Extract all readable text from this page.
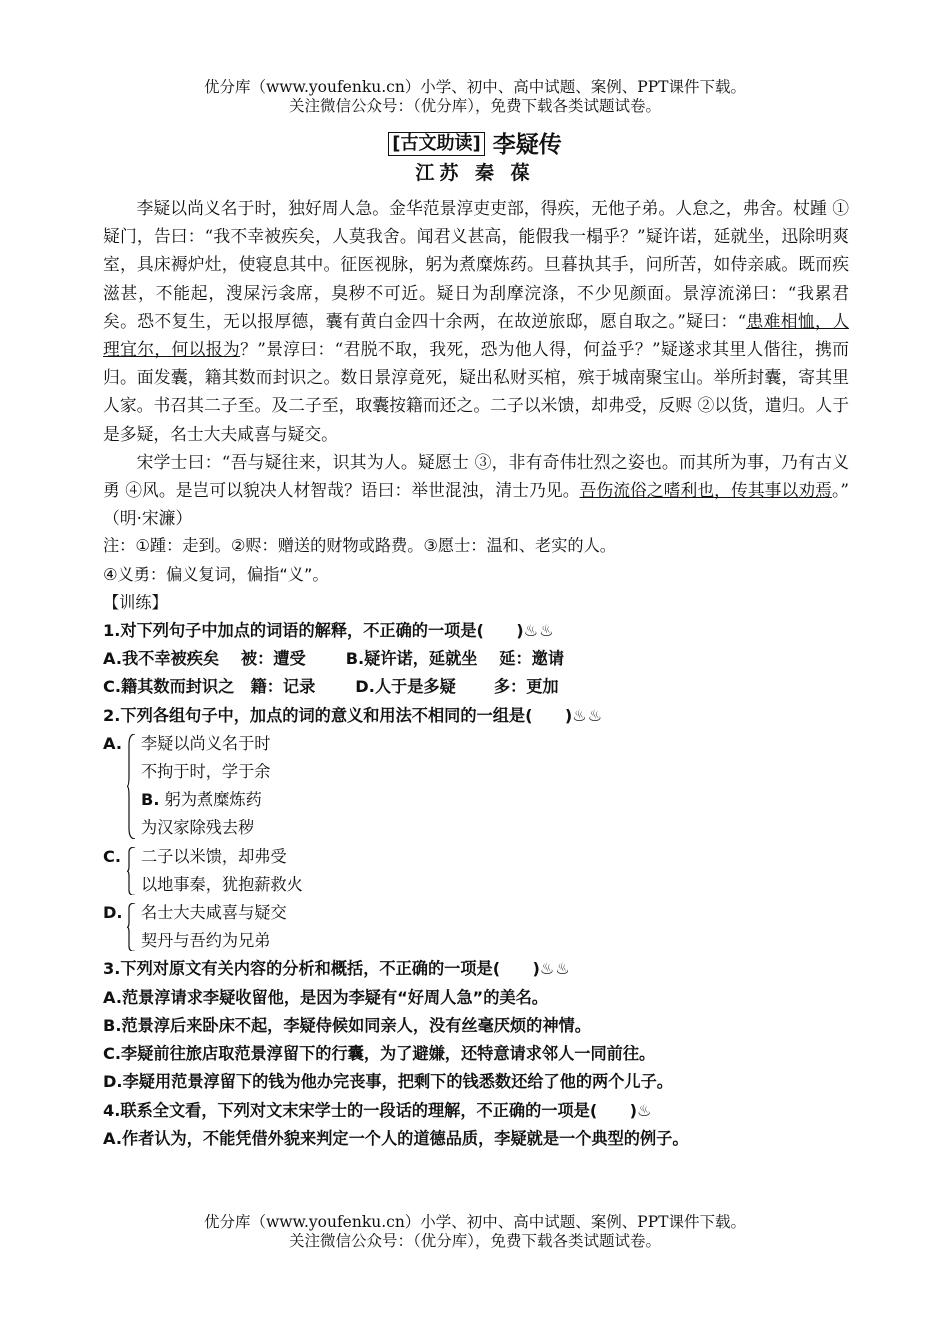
优分库（www.youfenku.cn）小学、初中、高中试题、案例、PPT课件下载。
关注微信公众号：（优分库），免费下载各类试题试卷。
[古文助读] 李疑传
江苏 秦 葆

李疑以尚义名于时，独好周人急。金华范景淳吏吏部，得疾，无他子弟。人怠之，弗舍。杖踵 ①疑门，告曰：“我不幸被疾矣，人莫我舍。闻君义甚高，能假我一榻乎？”疑许诺，延就坐，迅除明爽室，具床褥炉灶，使寝息其中。征医视脉，躬为煮糜炼药。旦暮执其手，问所苦，如侍亲戚。既而疾滋甚，不能起，溲屎污衾席，臭秽不可近。疑日为刮摩浣涤，不少见颜面。景淳流涕曰：“我累君矣。恐不复生，无以报厚德，囊有黄白金四十余两，在故逆旅邸，愿自取之。”疑曰：“患难相恤，人理宜尔，何以报为？”景淳曰：“君脱不取，我死，恐为他人得，何益乎？”疑遂求其里人偕往，携而归。面发囊，籍其数而封识之。数日景淳竟死，疑出私财买棺，殡于城南聚宝山。举所封囊，寄其里人家。书召其二子至。及二子至，取囊按籍而还之。二子以米馈，却弗受，反赆 ②以货，遣归。人于是多疑，名士大夫咸喜与疑交。

宋学士曰：“吾与疑往来，识其为人。疑愿士 ③，非有奇伟壮烈之姿也。而其所为事，乃有古义勇 ④风。是岂可以貌决人材智哉？语曰：举世混浊，清士乃见。吾伤流俗之嗜利也，传其事以劝焉。”　（明·宋濂）

注：①踵：走到。②赆：赠送的财物或路费。③愿士：温和、老实的人。
④义勇：偏义复词，偏指“义”。
【训练】
1.对下列句子中加点的词语的解释，不正确的一项是(　　)♨♨
A.我不幸被疾矣　 被：遭受 B.疑许诺，延就坐　 延：邀请
C.籍其数而封识之　籍：记录 D.人于是多疑　　 多：更加
2.下列各组句子中，加点的词的意义和用法不相同的一组是(　　)♨♨
A. 李疑以尚义名于时
不拘于时，学于余
B. 躬为煮糜炼药
为汉家除残去秽
C. 二子以米馈，却弗受
以地事秦，犹抱薪救火
D. 名士大夫咸喜与疑交
契丹与吾约为兄弟
3.下列对原文有关内容的分析和概括，不正确的一项是(　　)♨♨
A.范景淳请求李疑收留他，是因为李疑有“好周人急”的美名。
B.范景淳后来卧床不起，李疑侍候如同亲人，没有丝毫厌烦的神情。
C.李疑前往旅店取范景淳留下的行囊，为了避嫌，还特意请求邻人一同前往。
D.李疑用范景淳留下的钱为他办完丧事，把剩下的钱悉数还给了他的两个儿子。
4.联系全文看，下列对文末宋学士的一段话的理解，不正确的一项是(　　)♨
A.作者认为，不能凭借外貌来判定一个人的道德品质，李疑就是一个典型的例子。
优分库（www.youfenku.cn）小学、初中、高中试题、案例、PPT课件下载。
关注微信公众号：（优分库），免费下载各类试题试卷。
